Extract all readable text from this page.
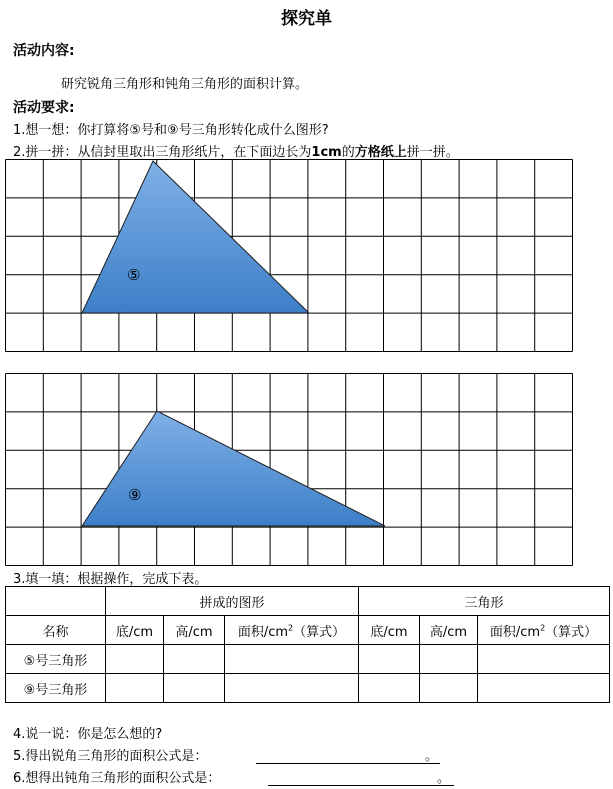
探究单
活动内容:
研究锐角三角形和钝角三角形的面积计算。
活动要求:
1.想一想：你打算将⑤号和⑨号三角形转化成什么图形?
2.拼一拼：从信封里取出三角形纸片，在下面边长为1cm的方格纸上拼一拼。
⑤
⑨
3.填一填：根据操作，完成下表。
	拼成的图形			三角形		
名称	底/cm	高/cm	面积$/cm^2$（算式）	底/cm	高/cm	面积$/cm^2$（算式）
⑤号三角形						
⑨号三角形						
4.说一说：你是怎么想的?
5.得出锐角三角形的面积公式是：	。
6.想得出钝角三角形的面积公式是：	。
